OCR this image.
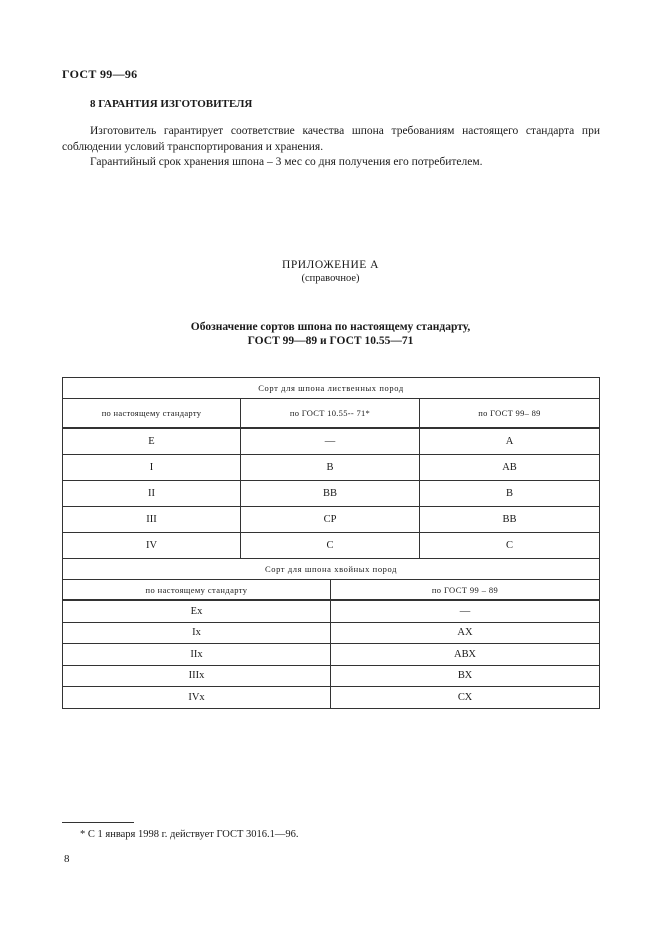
ГОСТ 99—96
8 ГАРАНТИЯ ИЗГОТОВИТЕЛЯ
Изготовитель гарантирует соответствие качества шпона требованиям настоящего стандарта при соблюдении условий транспортирования и хранения.
Гарантийный срок хранения шпона – 3 мес со дня получения его потребителем.
ПРИЛОЖЕНИЕ А
(справочное)
Обозначение сортов шпона по настоящему стандарту,
ГОСТ 99—89 и ГОСТ 10.55—71
Сорт для шпона лиственных пород			
по настоящему стандарту	по ГОСТ 10.55-- 71*		по ГОСТ 99– 89
Е	—		А
I	В		АВ
II	ВВ		В
III	СР		ВВ
IV	С		С
Сорт для шпона хвойных пород			
по настоящему стандарту		по ГОСТ 99 – 89	
Ех		—	
Iх		АХ	
IIх		АВХ	
IIIх		ВХ	
IVх		СХ	
* С 1 января 1998 г. действует ГОСТ 3016.1—96.
8
